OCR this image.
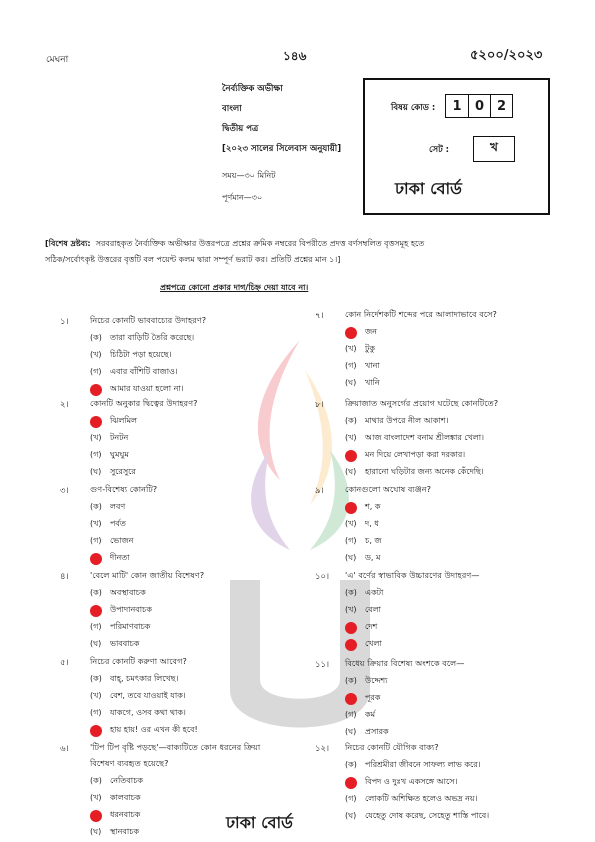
মেঘনা	১৪৬	৫২০০/২০২৩
নৈর্ব্যক্তিক অভীক্ষা
বাংলা
দ্বিতীয় পত্র
[২০২৩ সালের সিলেবাস অনুযায়ী]
সময়—৩০ মিনিট
পূর্ণমান—৩০
বিষয় কোড :	1	0 2
সেট :	খ
ঢাকা বোর্ড
[বিশেষ দ্রষ্টব্য: সরবরাহকৃত নৈর্ব্যক্তিক অভীক্ষার উত্তরপত্রে প্রশ্নের ক্রমিক নম্বরের বিপরীতে প্রদত্ত বর্ণসম্বলিত বৃত্তসমূহ হতে
সঠিক/সর্বোৎকৃষ্ট উত্তরের বৃত্তটি বল পয়েন্ট কলম দ্বারা সম্পূর্ণ ভরাট কর। প্রতিটি প্রশ্নের মান ১।]
প্রশ্নপত্রে কোনো প্রকার দাগ/চিহ্ন দেয়া যাবে না।
১।	নিচের কোনটি ভাববাচ্যের উদাহরণ?
(ক)	তারা বাড়িটি তৈরি করেছে।
(খ)	চিঠিটা পড়া হয়েছে।
(গ)	এবার বাঁশিটি বাজাও।
আমার যাওয়া হলো না।
২।	কোনটি অনুকার দ্বিত্বের উদাহরণ?
ঝিলমিল
(খ)	টনটন
(গ)	ঘুমঘুম
(ঘ)	সুরেসুরে
৩।	গুণ-বিশেষ্য কোনটি?
(ক)	লবণ
(খ)	পর্বত
(গ)	ভোজন
দীনতা
৪।	'বেলে মাটি' কোন জাতীয় বিশেষণ?
(ক)	অবস্থাবাচক
উপাদানবাচক
(গ)	পরিমাণবাচক
(ঘ)	ভাববাচক
৫।	নিচের কোনটি করুণা আবেগ?
(ক)	বাহ্, চমৎকার লিখেছ।
(খ)	বেশ, তবে যাওয়াই যাক।
(গ)	যাকগে, ওসব কথা থাক।
হায় হায়! ওর এখন কী হবে!
৬।	'টিপ টিপ বৃষ্টি পড়ছে'—বাক্যটিতে কোন ধরনের ক্রিয়া
বিশেষণ ব্যবহৃত হয়েছে?
(ক)	নেতিবাচক
(খ)	কালবাচক
ধরনবাচক
(ঘ)	স্থানবাচক
৭।	কোন নির্দেশকটি শব্দের পরে আলাদাভাবে বসে?
জন
(খ)	টুকু
(গ)	খানা
(ঘ)	খানি
৮।	ক্রিয়াজাত অনুসর্গের প্রয়োগ ঘটেছে কোনটিতে?
(ক)	মাথার উপরে নীল আকাশ।
(খ)	আজ বাংলাদেশ বনাম শ্রীলঙ্কার খেলা।
মন দিয়ে লেখাপড়া করা দরকার।
(ঘ)	হারানো ঘড়িটার জন্য অনেক কেঁদেছি।
৯।	কোনগুলো অঘোষ ব্যঞ্জন?
শ, ক
(খ)	দ, ধ
(গ)	চ, জ
(ঘ)	ড, ম
১০। 'এ' বর্ণের স্বাভাবিক উচ্চারণের উদাহরণ—
(ক)	একটা
(খ)	বেলা
দেশ
খেলা
১১। বিধেয় ক্রিয়ার বিশেষ্য অংশকে বলে—
(ক)	উদ্দেশ্য
পূরক
(গ)	কর্ম
(ঘ)	প্রসারক
১২। নিচের কোনটি যৌগিক বাক্য?
(ক)	পরিশ্রমীরা জীবনে সাফল্য লাভ করে।
বিপদ ও দুঃখ একসঙ্গে আসে।
(গ)	লোকটি অশিক্ষিত হলেও অভদ্র নয়।
(ঘ)	যেহেতু দোষ করেছ, সেহেতু শাস্তি পাবে।
ঢাকা বোর্ড
